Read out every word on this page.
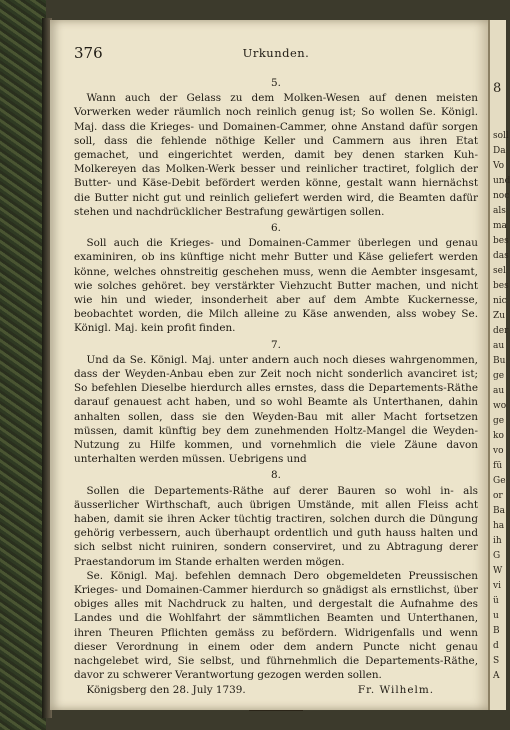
8
soll
Da
Vo
und
noc
als
ma
bes
das
sel
bes
nic
Zu
der
au
Bu
ge
au
wo
ge
ko
vo
fü
Ge
or
Ba
ha
ih
G
W
vi
ü
u
B
d
S
A
376	Urkunden.
5.

Wann auch der Gelass zu dem Molken-Wesen auf denen meisten Vorwerken weder räumlich noch reinlich genug ist; So wollen Se. Königl. Maj. dass die Krieges- und Domainen-Cammer, ohne Anstand dafür sorgen soll, dass die fehlende nöthige Keller und Cammern aus ihren Etat gemachet, und eingerichtet werden, damit bey denen starken Kuh-Molkereyen das Molken-Werk besser und reinlicher tractiret, folglich der Butter- und Käse-Debit befördert werden könne, gestalt wann hiernächst die Butter nicht gut und reinlich geliefert werden wird, die Beamten dafür stehen und nachdrücklicher Bestrafung gewärtigen sollen.

6.

Soll auch die Krieges- und Domainen-Cammer überlegen und genau examiniren, ob ins künftige nicht mehr Butter und Käse geliefert werden könne, welches ohnstreitig geschehen muss, wenn die Aembter insgesamt, wie solches gehöret. bey verstärkter Viehzucht Butter machen, und nicht wie hin und wieder, insonderheit aber auf dem Ambte Kuckernesse, beobachtet worden, die Milch alleine zu Käse anwenden, alss wobey Se. Königl. Maj. kein profit finden.

7.

Und da Se. Königl. Maj. unter andern auch noch dieses wahrgenommen, dass der Weyden-Anbau eben zur Zeit noch nicht sonderlich avanciret ist; So befehlen Dieselbe hierdurch alles ernstes, dass die Departements-Räthe darauf genauest acht haben, und so wohl Beamte als Unterthanen, dahin anhalten sollen, dass sie den Weyden-Bau mit aller Macht fortsetzen müssen, damit künftig bey dem zunehmenden Holtz-Mangel die Weyden-Nutzung zu Hilfe kommen, und vornehmlich die viele Zäune davon unterhalten werden müssen. Uebrigens und

8.

Sollen die Departements-Räthe auf derer Bauren so wohl in- als äusserlicher Wirthschaft, auch übrigen Umstände, mit allen Fleiss acht haben, damit sie ihren Acker tüchtig tractiren, solchen durch die Düngung gehörig verbessern, auch überhaupt ordentlich und guth hauss halten und sich selbst nicht ruiniren, sondern conserviret, und zu Abtragung derer Praestandorum im Stande erhalten werden mögen.

Se. Königl. Maj. befehlen demnach Dero obgemeldeten Preussischen Krieges- und Domainen-Cammer hierdurch so gnädigst als ernstlichst, über obiges alles mit Nachdruck zu halten, und dergestalt die Aufnahme des Landes und die Wohlfahrt der sämmtlichen Beamten und Unterthanen, ihren Theuren Pflichten gemäss zu befördern. Widrigenfalls und wenn dieser Verordnung in einem oder dem andern Puncte nicht genau nachgelebet wird, Sie selbst, und führnehmlich die Departements-Räthe, davor zu schwerer Verantwortung gezogen werden sollen.

Königsberg den 28. July 1739.	Fr. Wilhelm.
